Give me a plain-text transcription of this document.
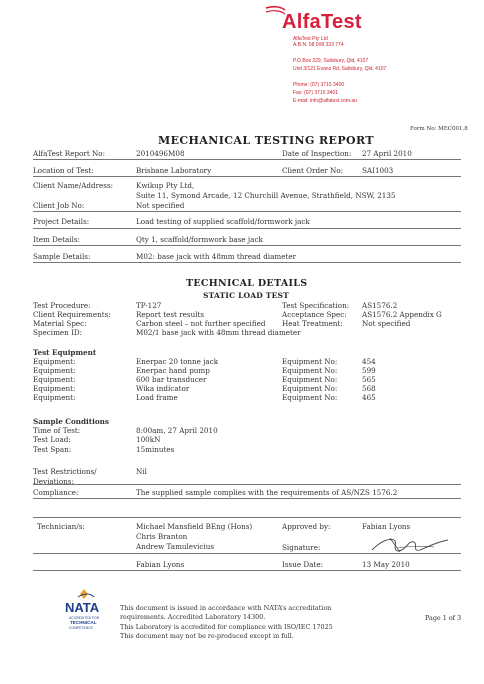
AlfaTest
AlfaTest Pty Ltd
A.B.N. 58 008 333 774
P.O.Box 229, Salisbury, Qld, 4107
Unit 3/121 Evans Rd, Salisbury, Qld, 4107
Phone: (07) 3715 3400
Fax: (07) 3715 3401
E-mail: info@alfatest.com.au
Form No: MEC001.8
MECHANICAL TESTING REPORT
AlfaTest Report No:	2010496M08	Date of Inspection: 27 April 2010
Location of Test:	Brisbane Laboratory	Client Order No:	SAI1003
Client Name/Address:	Kwikup Pty Ltd,
Suite 11, Symond Arcade, 12 Churchill Avenue, Strathfield, NSW, 2135
Client Job No:	Not specified
Project Details:	Load testing of supplied scaffold/formwork jack
Item Details:	Qty 1, scaffold/formwork base jack
Sample Details:	M02: base jack with 48mm thread diameter
TECHNICAL DETAILS
STATIC LOAD TEST
Test Procedure:	TP-127	Test Specification: AS1576.2
Client Requirements:	Report test results	Acceptance Spec: AS1576.2 Appendix G
Material Spec:	Carbon steel – not further specified Heat Treatment:	Not specified
Specimen ID:	M02/1 base jack with 48mm thread diameter
Test Equipment
Equipment:	Enerpac 20 tonne jack	Equipment No:	454
Equipment:	Enerpac hand pump	Equipment No:	599
Equipment:	600 bar transducer	Equipment No:	565
Equipment:	Wika indicator	Equipment No:	568
Equipment:	Load frame	Equipment No:	465
Sample Conditions
Time of Test:	8:00am, 27 April 2010
Test Load:	100kN
Test Span:	15minutes
Test Restrictions/	Nil
Deviations:
Compliance:	The supplied sample complies with the requirements of AS/NZS 1576.2
Technician/s:	Michael Mansfield BEng (Hons)
Chris Branton
Andrew Tamulevicius
Fabian Lyons
Approved by:	Fabian Lyons
Signature:
Issue Date:	13 May 2010
NATA
ACCREDITED FOR
TECHNICAL
COMPETENCE
This document is issued in accordance with NATA’s accreditation
requirements. Accredited Laboratory 14300.
This Laboratory is accredited for compliance with ISO/IEC 17025
This document may not be re-produced except in full.
Page 1 of 3
